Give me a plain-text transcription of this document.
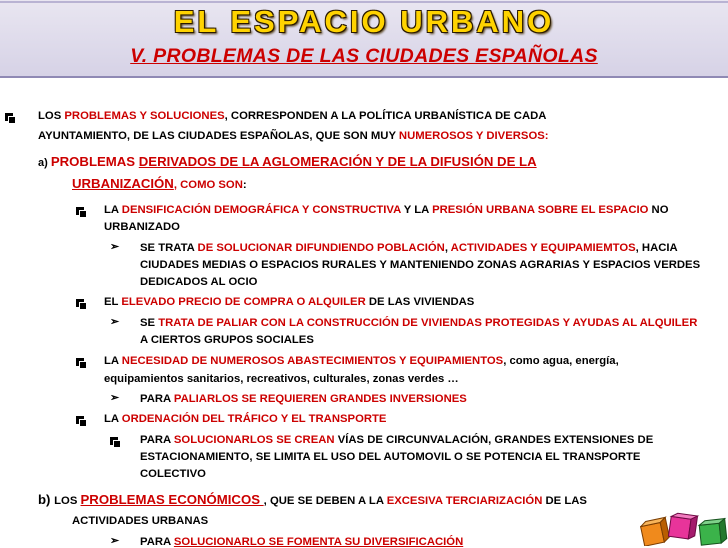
EL ESPACIO URBANO
V. PROBLEMAS DE LAS CIUDADES ESPAÑOLAS
LOS PROBLEMAS Y SOLUCIONES, CORRESPONDEN A LA POLÍTICA URBANÍSTICA DE CADA
AYUNTAMIENTO, DE LAS CIUDADES ESPAÑOLAS, QUE SON MUY NUMEROSOS Y DIVERSOS:
a) PROBLEMAS DERIVADOS DE LA AGLOMERACIÓN Y DE LA DIFUSIÓN DE LA
URBANIZACIÓN, COMO SON:
LA DENSIFICACIÓN DEMOGRÁFICA Y CONSTRUCTIVA Y LA PRESIÓN URBANA SOBRE EL ESPACIO NO
URBANIZADO
➢ SE TRATA DE SOLUCIONAR DIFUNDIENDO POBLACIÓN, ACTIVIDADES Y EQUIPAMIEMTOS, HACIA
CIUDADES MEDIAS O ESPACIOS RURALES Y MANTENIENDO ZONAS AGRARIAS Y ESPACIOS VERDES
DEDICADOS AL OCIO
EL ELEVADO PRECIO DE COMPRA O ALQUILER DE LAS VIVIENDAS
➢ SE TRATA DE PALIAR CON LA CONSTRUCCIÓN DE VIVIENDAS PROTEGIDAS Y AYUDAS AL ALQUILER
A CIERTOS GRUPOS SOCIALES
LA NECESIDAD DE NUMEROSOS ABASTECIMIENTOS Y EQUIPAMIENTOS, como agua, energía,
equipamientos sanitarios, recreativos, culturales, zonas verdes …
➢ PARA PALIARLOS SE REQUIEREN GRANDES INVERSIONES
LA ORDENACIÓN DEL TRÁFICO Y EL TRANSPORTE
PARA SOLUCIONARLOS SE CREAN VÍAS DE CIRCUNVALACIÓN, GRANDES EXTENSIONES DE
ESTACIONAMIENTO, SE LIMITA EL USO DEL AUTOMOVIL O SE POTENCIA EL TRANSPORTE
COLECTIVO
b) LOS PROBLEMAS ECONÓMICOS , QUE SE DEBEN A LA EXCESIVA TERCIARIZACIÓN DE LAS
ACTIVIDADES URBANAS
➢ PARA SOLUCIONARLO SE FOMENTA SU DIVERSIFICACIÓN
